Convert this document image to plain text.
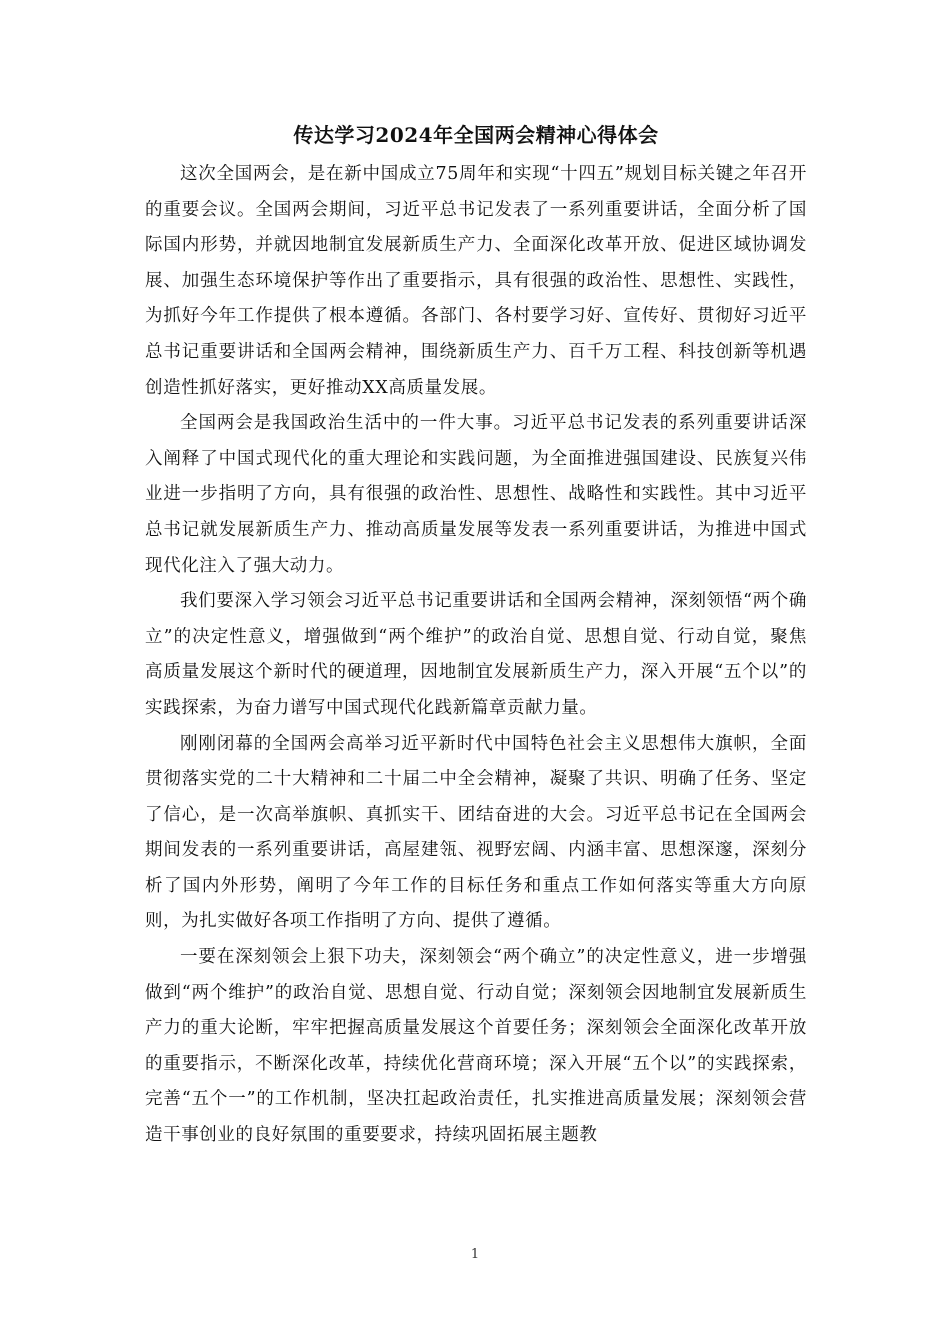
传达学习2024年全国两会精神心得体会

这次全国两会，是在新中国成立75周年和实现“十四五”规划目标关键之年召开的重要会议。全国两会期间，习近平总书记发表了一系列重要讲话，全面分析了国际国内形势，并就因地制宜发展新质生产力、全面深化改革开放、促进区域协调发展、加强生态环境保护等作出了重要指示，具有很强的政治性、思想性、实践性，为抓好今年工作提供了根本遵循。各部门、各村要学习好、宣传好、贯彻好习近平总书记重要讲话和全国两会精神，围绕新质生产力、百千万工程、科技创新等机遇创造性抓好落实，更好推动XX高质量发展。

全国两会是我国政治生活中的一件大事。习近平总书记发表的系列重要讲话深入阐释了中国式现代化的重大理论和实践问题，为全面推进强国建设、民族复兴伟业进一步指明了方向，具有很强的政治性、思想性、战略性和实践性。其中习近平总书记就发展新质生产力、推动高质量发展等发表一系列重要讲话，为推进中国式现代化注入了强大动力。

我们要深入学习领会习近平总书记重要讲话和全国两会精神，深刻领悟“两个确立”的决定性意义，增强做到“两个维护”的政治自觉、思想自觉、行动自觉，聚焦高质量发展这个新时代的硬道理，因地制宜发展新质生产力，深入开展“五个以”的实践探索，为奋力谱写中国式现代化践新篇章贡献力量。

刚刚闭幕的全国两会高举习近平新时代中国特色社会主义思想伟大旗帜，全面贯彻落实党的二十大精神和二十届二中全会精神，凝聚了共识、明确了任务、坚定了信心，是一次高举旗帜、真抓实干、团结奋进的大会。习近平总书记在全国两会期间发表的一系列重要讲话，高屋建瓴、视野宏阔、内涵丰富、思想深邃，深刻分析了国内外形势，阐明了今年工作的目标任务和重点工作如何落实等重大方向原则，为扎实做好各项工作指明了方向、提供了遵循。

一要在深刻领会上狠下功夫，深刻领会“两个确立”的决定性意义，进一步增强做到“两个维护”的政治自觉、思想自觉、行动自觉；深刻领会因地制宜发展新质生产力的重大论断，牢牢把握高质量发展这个首要任务；深刻领会全面深化改革开放的重要指示，不断深化改革，持续优化营商环境；深入开展“五个以”的实践探索，完善“五个一”的工作机制，坚决扛起政治责任，扎实推进高质量发展；深刻领会营造干事创业的良好氛围的重要要求，持续巩固拓展主题教

1
